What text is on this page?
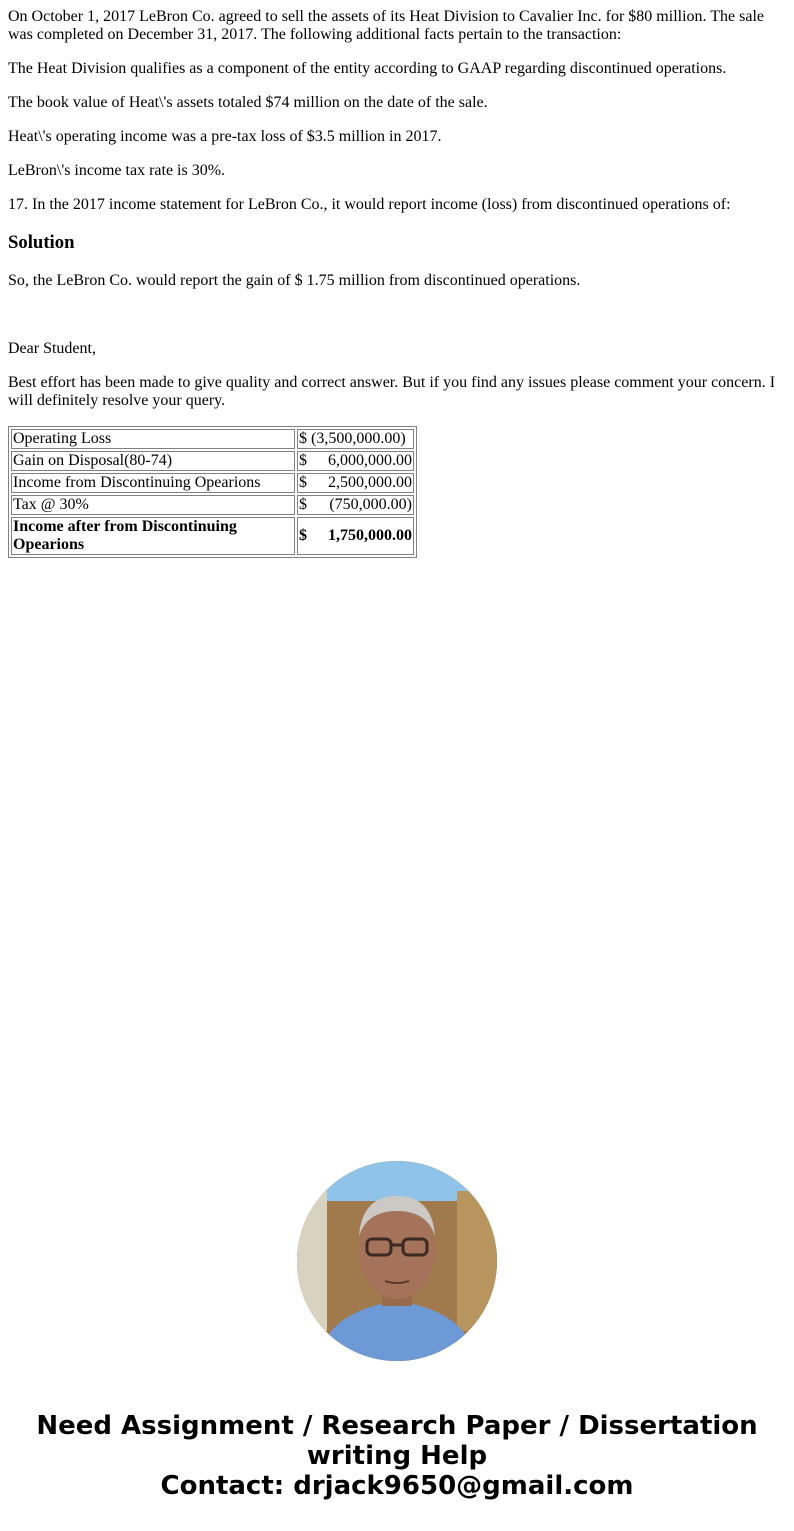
On October 1, 2017 LeBron Co. agreed to sell the assets of its Heat Division to Cavalier Inc. for $80 million. The sale was completed on December 31, 2017. The following additional facts pertain to the transaction:

The Heat Division qualifies as a component of the entity according to GAAP regarding discontinued operations.

The book value of Heat\'s assets totaled $74 million on the date of the sale.

Heat\'s operating income was a pre-tax loss of $3.5 million in 2017.

LeBron\'s income tax rate is 30%.

17. In the 2017 income statement for LeBron Co., it would report income (loss) from discontinued operations of:

Solution

So, the LeBron Co. would report the gain of $ 1.75 million from discontinued operations.

Dear Student,

Best effort has been made to give quality and correct answer. But if you find any issues please comment your concern. I will definitely resolve your query.

Operating Loss	$ (3,500,000.00)
Gain on Disposal(80-74)	$ 6,000,000.00

Income from Discontinuing Opearions	$ 2,500,000.00

Tax @ 30%	$ (750,000.00)

Income after from Discontinuing Opearions	$ 1,750,000.00
Need Assignment / Research Paper / Dissertation writing Help
Contact: drjack9650@gmail.com
